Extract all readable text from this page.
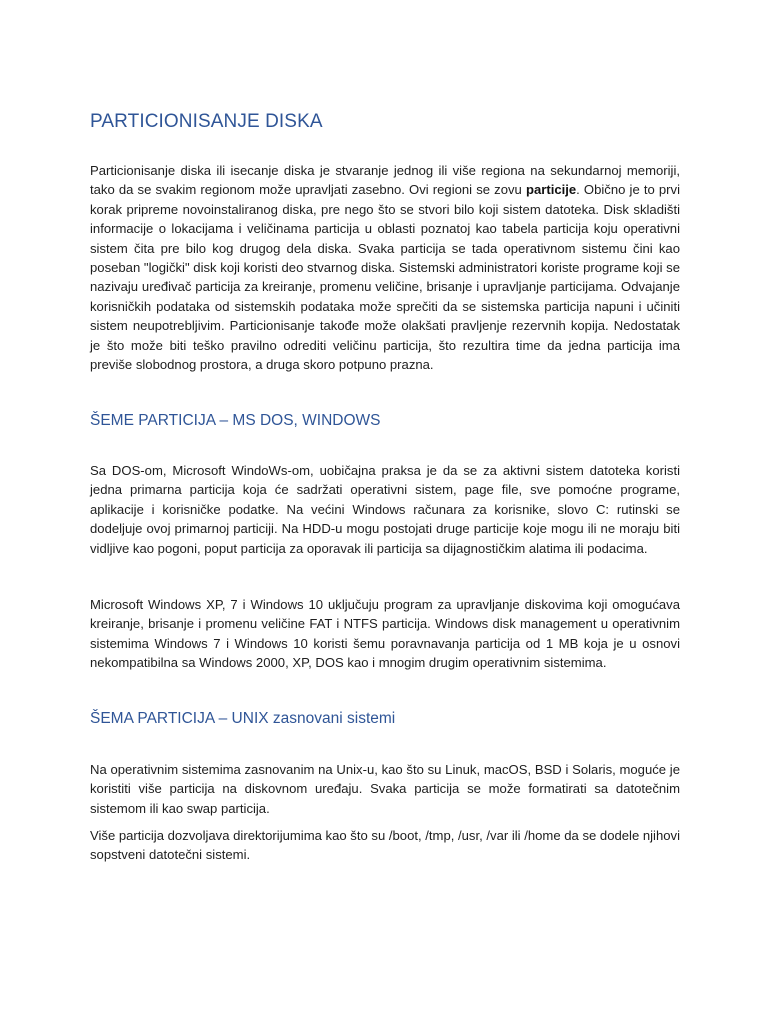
PARTICIONISANJE DISKA

Particionisanje diska ili isecanje diska je stvaranje jednog ili više regiona na sekundarnoj memoriji, tako da se svakim regionom može upravljati zasebno. Ovi regioni se zovu particije. Obično je to prvi korak pripreme novoinstaliranog diska, pre nego što se stvori bilo koji sistem datoteka. Disk skladišti informacije o lokacijama i veličinama particija u oblasti poznatoj kao tabela particija koju operativni sistem čita pre bilo kog drugog dela diska. Svaka particija se tada operativnom sistemu čini kao poseban "logički" disk koji koristi deo stvarnog diska. Sistemski administratori koriste programe koji se nazivaju uređivač particija za kreiranje, promenu veličine, brisanje i upravljanje particijama. Odvajanje korisničkih podataka od sistemskih podataka može sprečiti da se sistemska particija napuni i učiniti sistem neupotrebljivim. Particionisanje takođe može olakšati pravljenje rezervnih kopija. Nedostatak je što može biti teško pravilno odrediti veličinu particija, što rezultira time da jedna particija ima previše slobodnog prostora, a druga skoro potpuno prazna.

ŠEME PARTICIJA – MS DOS, WINDOWS

Sa DOS-om, Microsoft WindoWs-om, uobičajna praksa je da se za aktivni sistem datoteka koristi jedna primarna particija koja će sadržati operativni sistem, page file, sve pomoćne programe, aplikacije i korisničke podatke. Na većini Windows računara za korisnike, slovo C: rutinski se dodeljuje ovoj primarnoj particiji. Na HDD-u mogu postojati druge particije koje mogu ili ne moraju biti vidljive kao pogoni, poput particija za oporavak ili particija sa dijagnostičkim alatima ili podacima.

Microsoft Windows XP, 7 i Windows 10 uključuju program za upravljanje diskovima koji omogućava kreiranje, brisanje i promenu veličine FAT i NTFS particija. Windows disk management u operativnim sistemima Windows 7 i Windows 10 koristi šemu poravnavanja particija od 1 MB koja je u osnovi nekompatibilna sa Windows 2000, XP, DOS kao i mnogim drugim operativnim sistemima.

ŠEMA PARTICIJA – UNIX zasnovani sistemi

Na operativnim sistemima zasnovanim na Unix-u, kao što su Linuk, macOS, BSD i Solaris, moguće je koristiti više particija na diskovnom uređaju. Svaka particija se može formatirati sa datotečnim sistemom ili kao swap particija.

Više particija dozvoljava direktorijumima kao što su /boot, /tmp, /usr, /var ili /home da se dodele njihovi sopstveni datotečni sistemi.
